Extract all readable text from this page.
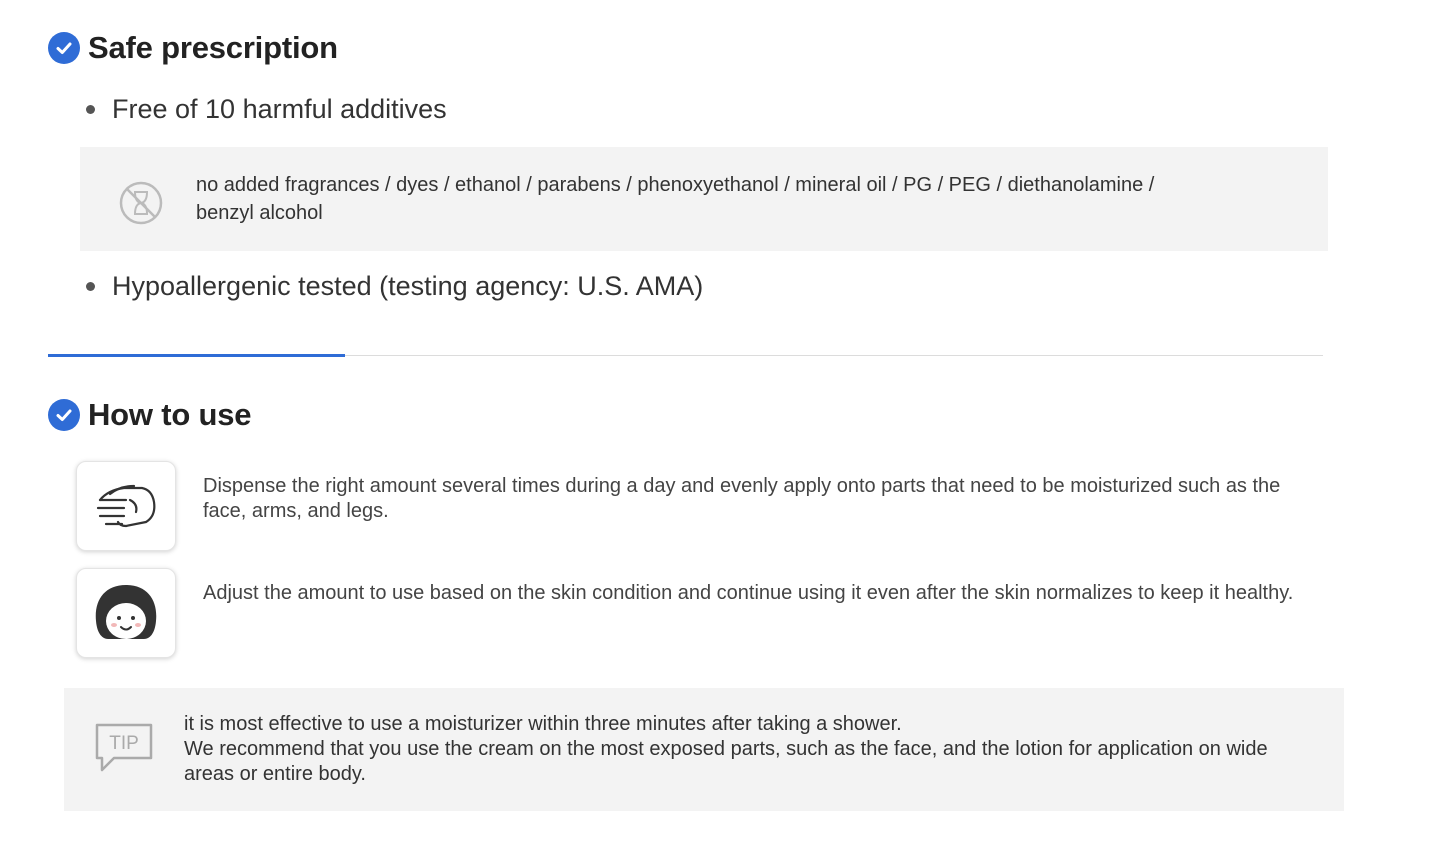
Safe prescription
Free of 10 harmful additives
no added fragrances / dyes / ethanol / parabens / phenoxyethanol / mineral oil / PG / PEG / diethanolamine / benzyl alcohol
Hypoallergenic tested (testing agency: U.S. AMA)
How to use
Dispense the right amount several times during a day and evenly apply onto parts that need to be moisturized such as the face, arms, and legs.
Adjust the amount to use based on the skin condition and continue using it even after the skin normalizes to keep it healthy.
TIP
it is most effective to use a moisturizer within three minutes after taking a shower.
We recommend that you use the cream on the most exposed parts, such as the face, and the lotion for application on wide areas or entire body.
